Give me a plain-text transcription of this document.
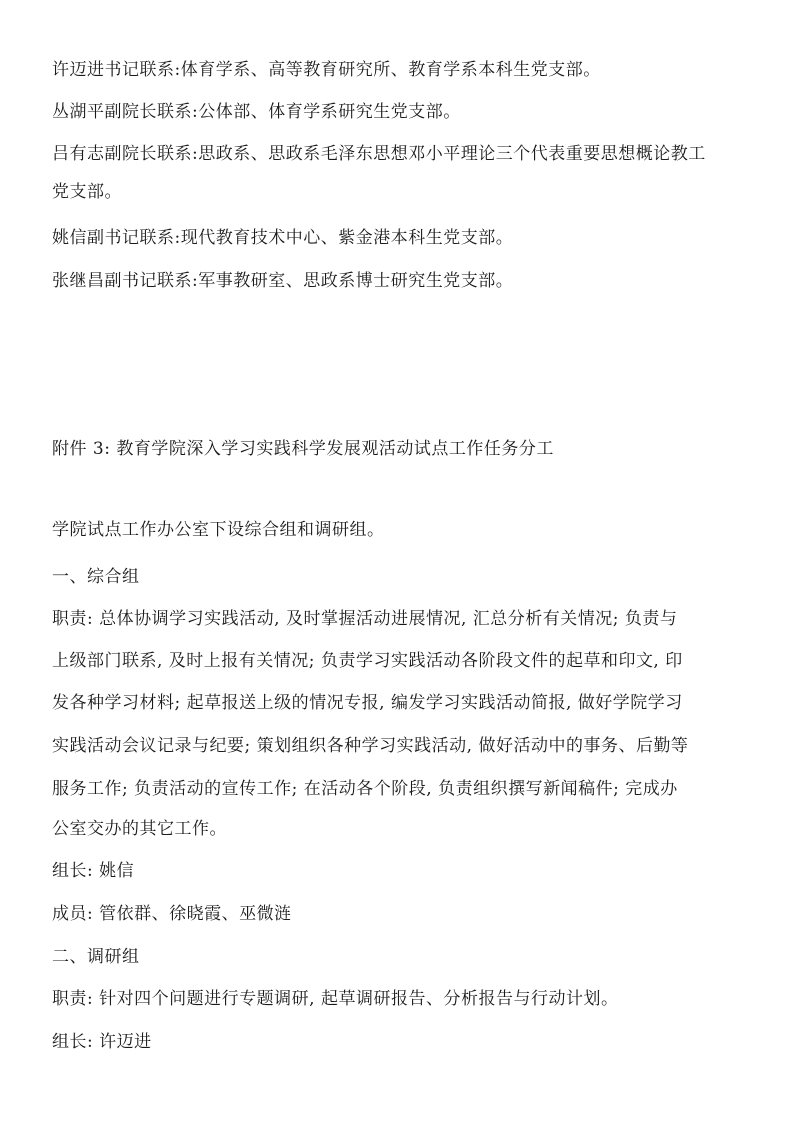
许迈进书记联系:体育学系、高等教育研究所、教育学系本科生党支部。
丛湖平副院长联系:公体部、体育学系研究生党支部。
吕有志副院长联系:思政系、思政系毛泽东思想邓小平理论三个代表重要思想概论教工
党支部。
姚信副书记联系:现代教育技术中心、紫金港本科生党支部。
张继昌副书记联系:军事教研室、思政系博士研究生党支部。
附件 3: 教育学院深入学习实践科学发展观活动试点工作任务分工
学院试点工作办公室下设综合组和调研组。
一、综合组
职责: 总体协调学习实践活动, 及时掌握活动进展情况, 汇总分析有关情况; 负责与
上级部门联系, 及时上报有关情况; 负责学习实践活动各阶段文件的起草和印文, 印
发各种学习材料; 起草报送上级的情况专报, 编发学习实践活动简报, 做好学院学习
实践活动会议记录与纪要; 策划组织各种学习实践活动, 做好活动中的事务、后勤等
服务工作; 负责活动的宣传工作; 在活动各个阶段, 负责组织撰写新闻稿件; 完成办
公室交办的其它工作。
组长: 姚信
成员: 管依群、徐晓霞、巫微涟
二、调研组
职责: 针对四个问题进行专题调研, 起草调研报告、分析报告与行动计划。
组长: 许迈进
